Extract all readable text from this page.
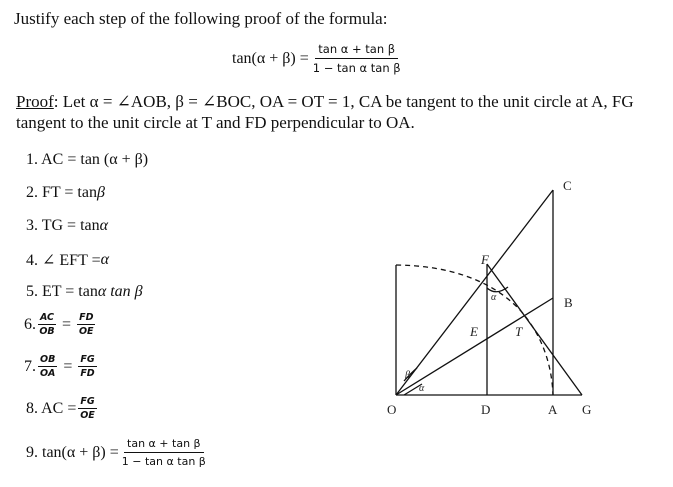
Justify each step of the following proof of the formula:
$\tan(\alpha + \beta) = \frac{\text{tan α + tan β}}{\text{1 − tan α tan β}}$
Proof: Let α = ∠AOB, β = ∠BOC, OA = OT = 1, CA be tangent to the unit circle at A, FG tangent to the unit circle at T and FD perpendicular to OA.
1. AC = tan (α + β)
2. FT = tan β
3. TG = tan α
4. ∠ EFT = α
5. ET = tan α tan β
6. $\frac{AC}{OB} = \frac{FD}{OE}$
7. $\frac{OB}{OA} = \frac{FG}{FD}$
8. AC = $\frac{FG}{OE}$
9. $\tan(\alpha + \beta) = \frac{\text{tan α + tan β}}{\text{1 − tan α tan β}}$
O	D	A G
B
C
F
E	T
α
β
α
